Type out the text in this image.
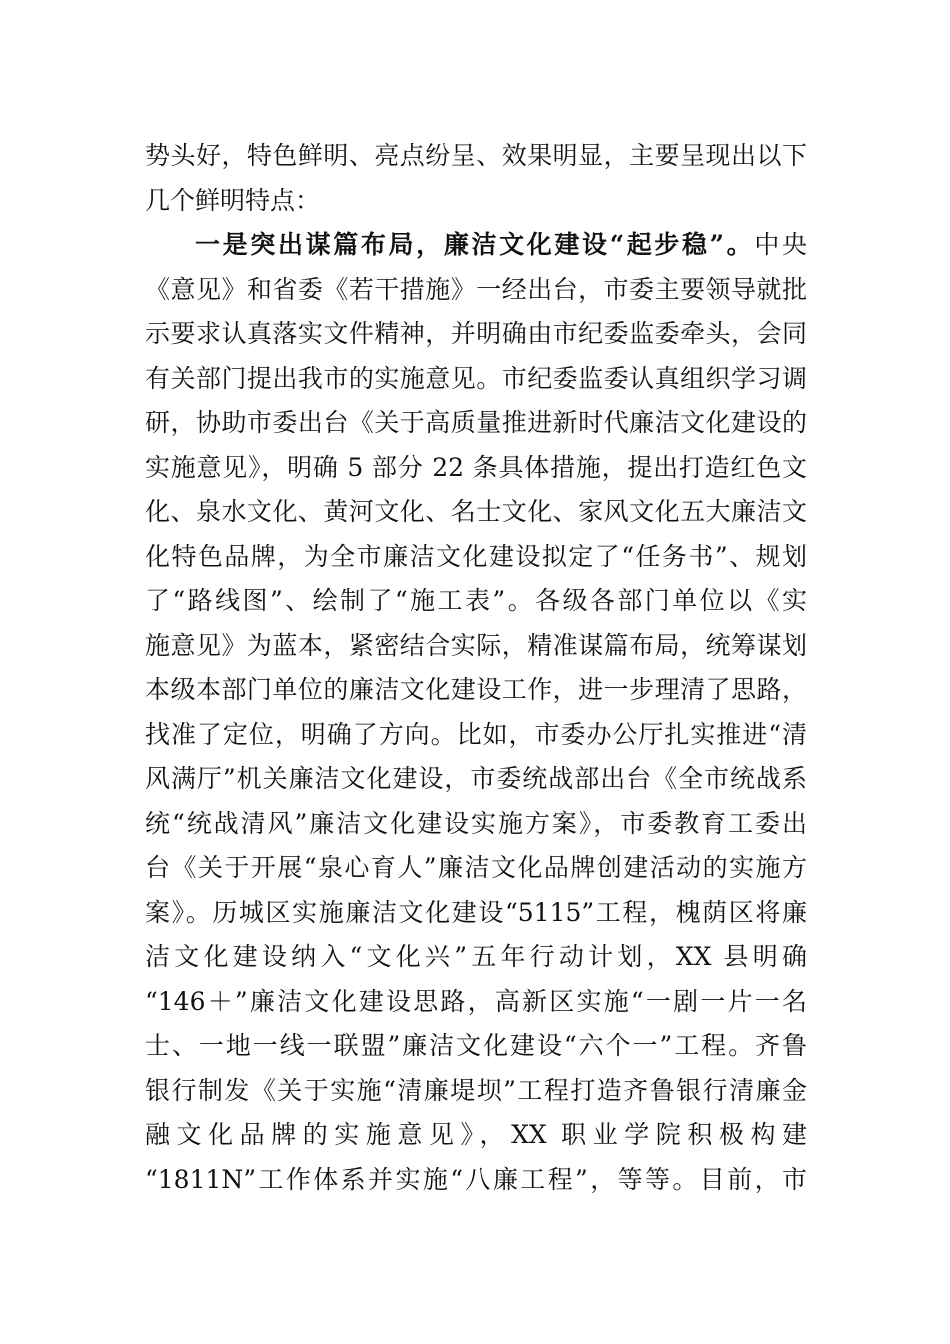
势头好，特色鲜明、亮点纷呈、效果明显，主要呈现出以下
几个鲜明特点：
一是突出谋篇布局，廉洁文化建设“起步稳”。中央
《意见》和省委《若干措施》一经出台，市委主要领导就批
示要求认真落实文件精神，并明确由市纪委监委牵头，会同
有关部门提出我市的实施意见。市纪委监委认真组织学习调
研，协助市委出台《关于高质量推进新时代廉洁文化建设的
实施意见》，明确 5 部分 22 条具体措施，提出打造红色文
化、泉水文化、黄河文化、名士文化、家风文化五大廉洁文
化特色品牌，为全市廉洁文化建设拟定了“任务书”、规划
了“路线图”、绘制了“施工表”。各级各部门单位以《实
施意见》为蓝本，紧密结合实际，精准谋篇布局，统筹谋划
本级本部门单位的廉洁文化建设工作，进一步理清了思路，
找准了定位，明确了方向。比如，市委办公厅扎实推进“清
风满厅”机关廉洁文化建设，市委统战部出台《全市统战系
统“统战清风”廉洁文化建设实施方案》，市委教育工委出
台《关于开展“泉心育人”廉洁文化品牌创建活动的实施方
案》。历城区实施廉洁文化建设“5115”工程，槐荫区将廉
洁文化建设纳入“文化兴”五年行动计划，XX 县明确
“146＋”廉洁文化建设思路，高新区实施“一剧一片一名
士、一地一线一联盟”廉洁文化建设“六个一”工程。齐鲁
银行制发《关于实施“清廉堤坝”工程打造齐鲁银行清廉金
融文化品牌的实施意见》，XX 职业学院积极构建
“1811N”工作体系并实施“八廉工程”，等等。目前，市
